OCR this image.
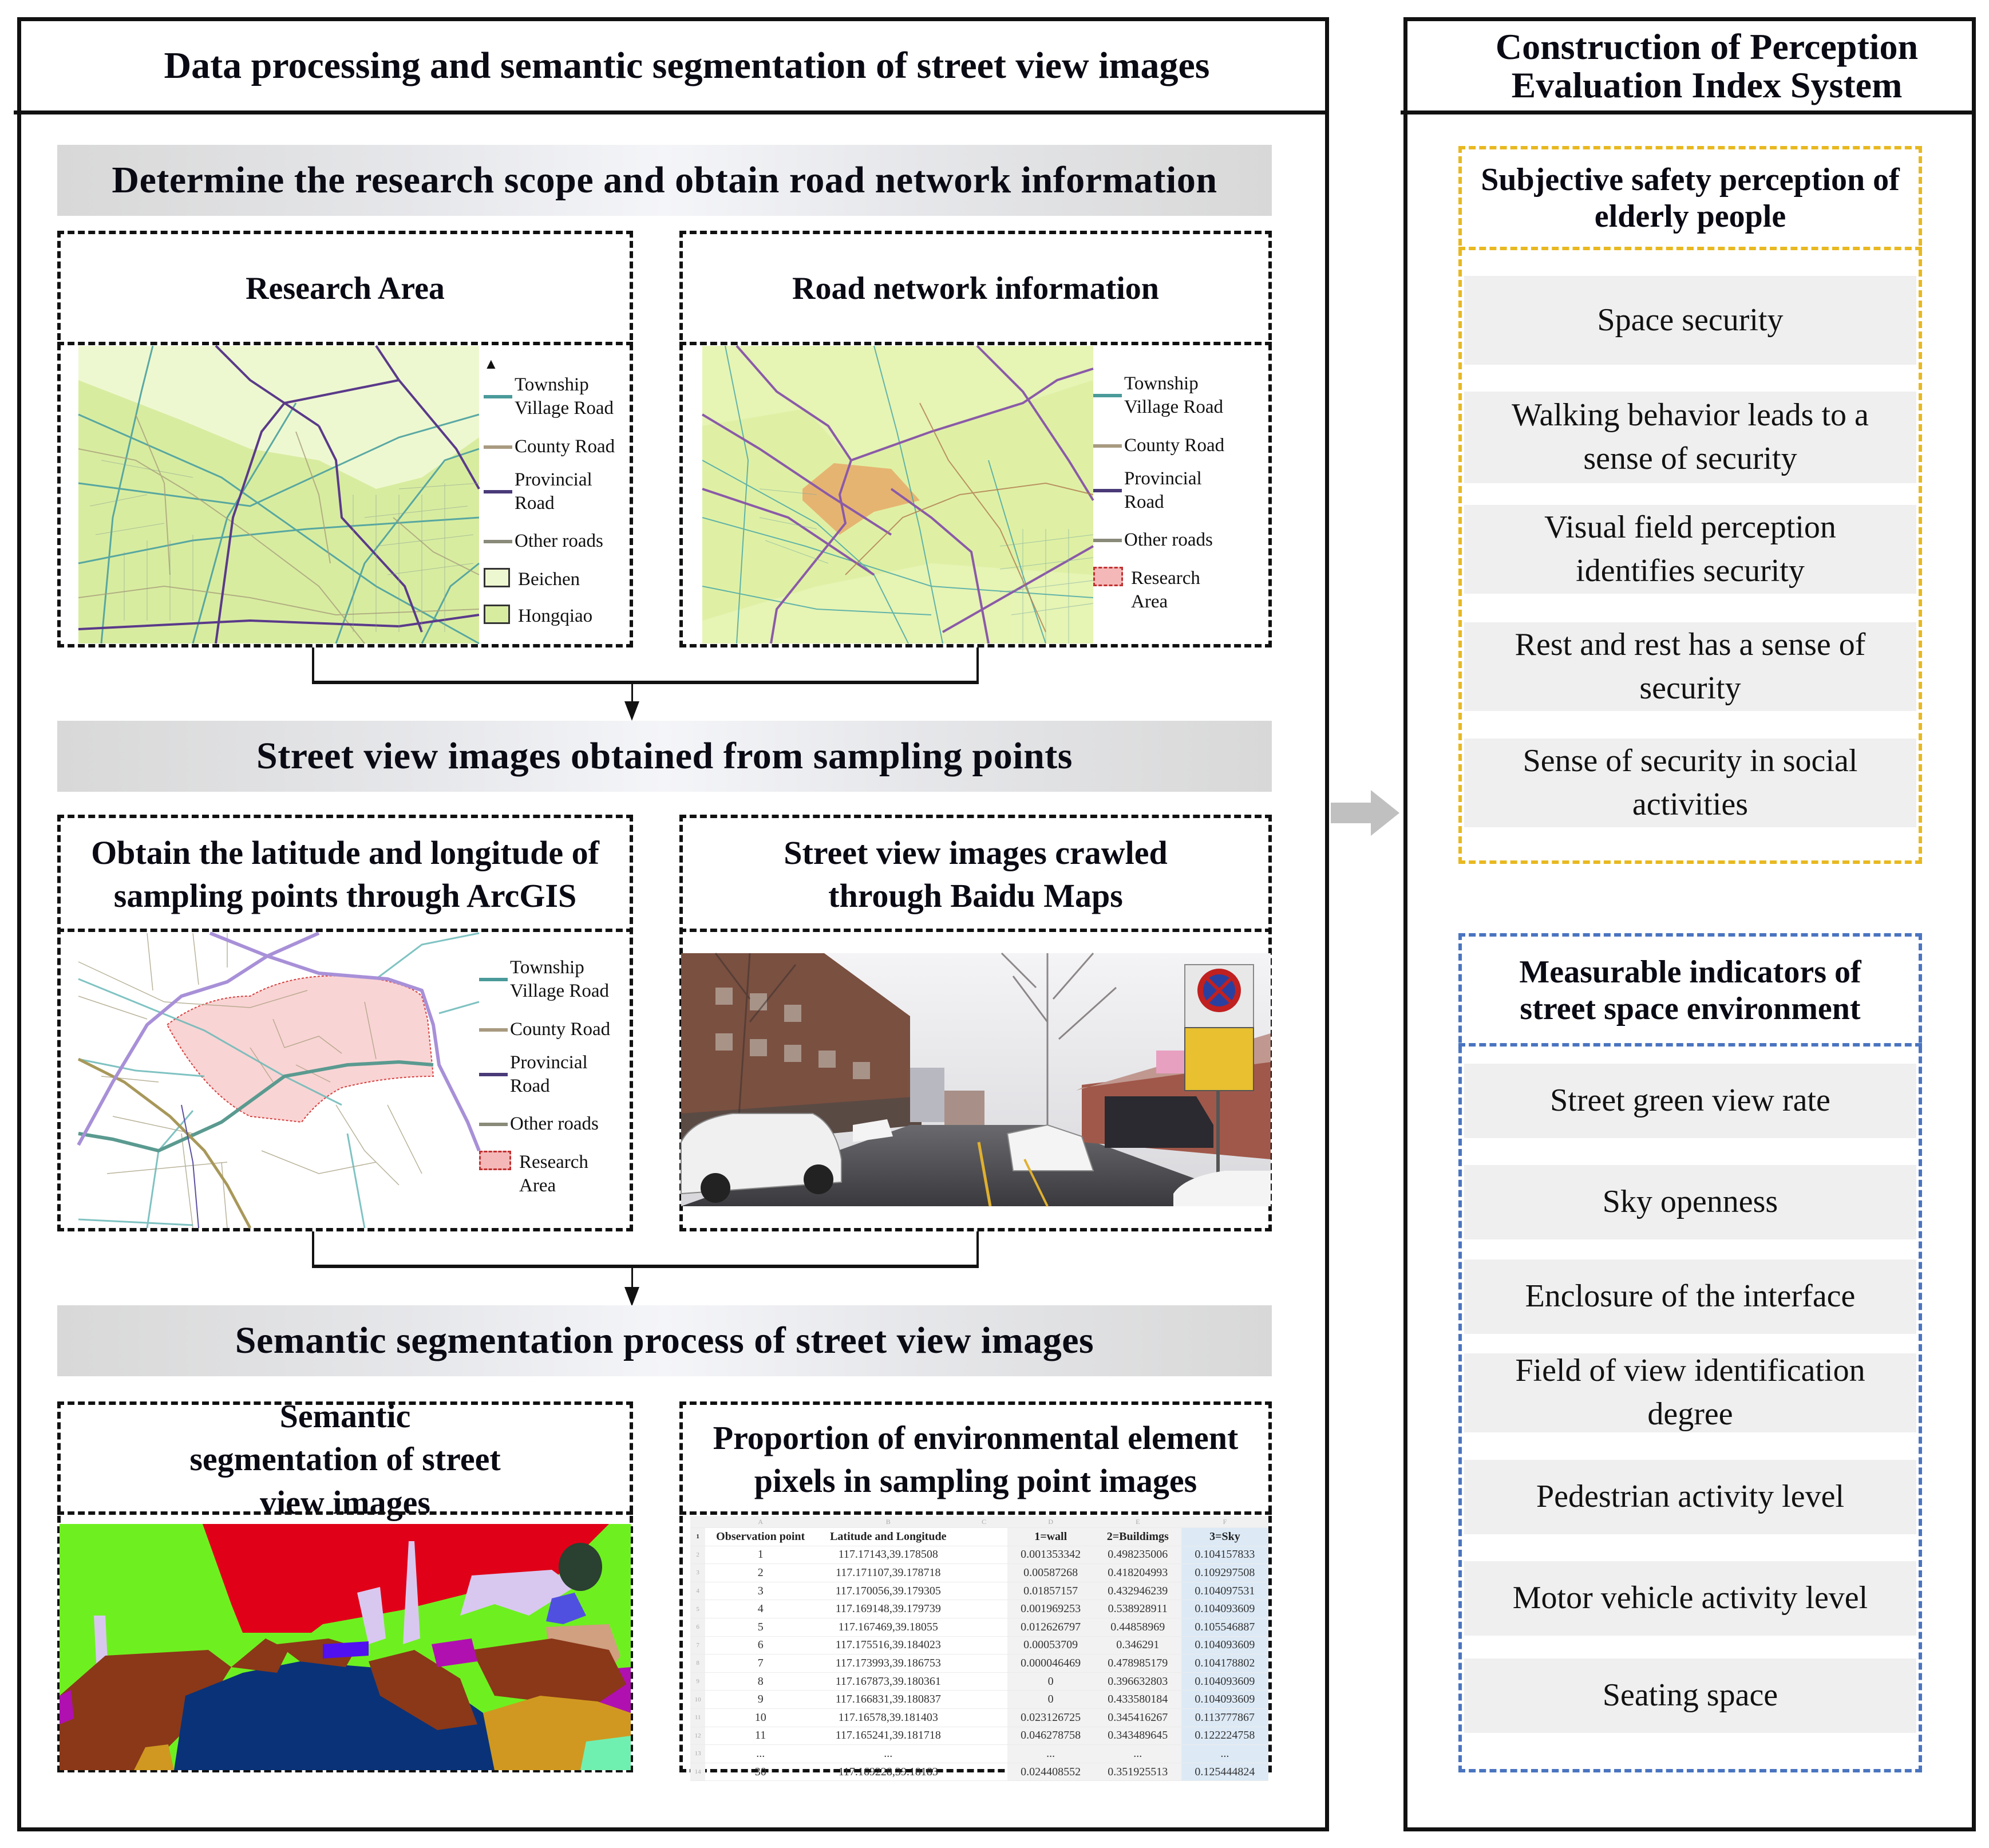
Data processing and semantic segmentation of street view images
Determine the research scope and obtain road network information
Research Area
▲
Township Village Road
County Road
Provincial Road
Other roads
Beichen
Hongqiao
Road network information
Township Village Road
County Road
Provincial Road
Other roads
Research Area
Street view images obtained from sampling points
Obtain the latitude and longitude of sampling points through ArcGIS
Township Village Road
County Road
Provincial Road
Other roads
Research Area
Street view images crawled through Baidu Maps
Semantic segmentation process of street view images
Semantic segmentation of street view images
Proportion of environmental element pixels in sampling point images
	A	B	C	D	E	F
1	Observation point	Latitude and Longitude		1=wall	2=Buildimgs	3=Sky
2	1	117.17143,39.178508		0.001353342	0.498235006	0.104157833
3	2	117.171107,39.178718		0.00587268	0.418204993	0.109297508
4	3	117.170056,39.179305		0.01857157	0.432946239	0.104097531
5	4	117.169148,39.179739		0.001969253	0.538928911	0.104093609
6	5	117.167469,39.18055		0.012626797	0.44858969	0.105546887
7	6	117.175516,39.184023		0.00053709	0.346291	0.104093609
8	7	117.173993,39.186753		0.000046469	0.478985179	0.104178802
9	8	117.167873,39.180361		0	0.396632803	0.104093609
10	9	117.166831,39.180837		0	0.433580184	0.104093609
11	10	117.16578,39.181403		0.023126725	0.345416267	0.113777867
12	11	117.165241,39.181718		0.046278758	0.343489645	0.122224758
13	...	...		...	...	...
14	30	117.169228,39.18183		0.024408552	0.351925513	0.125444824
Construction of Perception Evaluation Index System
Subjective safety perception of elderly people
Space security
Walking behavior leads to a sense of security
Visual field perception identifies security
Rest and rest has a sense of security
Sense of security in social activities
Measurable indicators of street space environment
Street green view rate
Sky openness
Enclosure of the interface
Field of view identification degree
Pedestrian activity level
Motor vehicle activity level
Seating space
